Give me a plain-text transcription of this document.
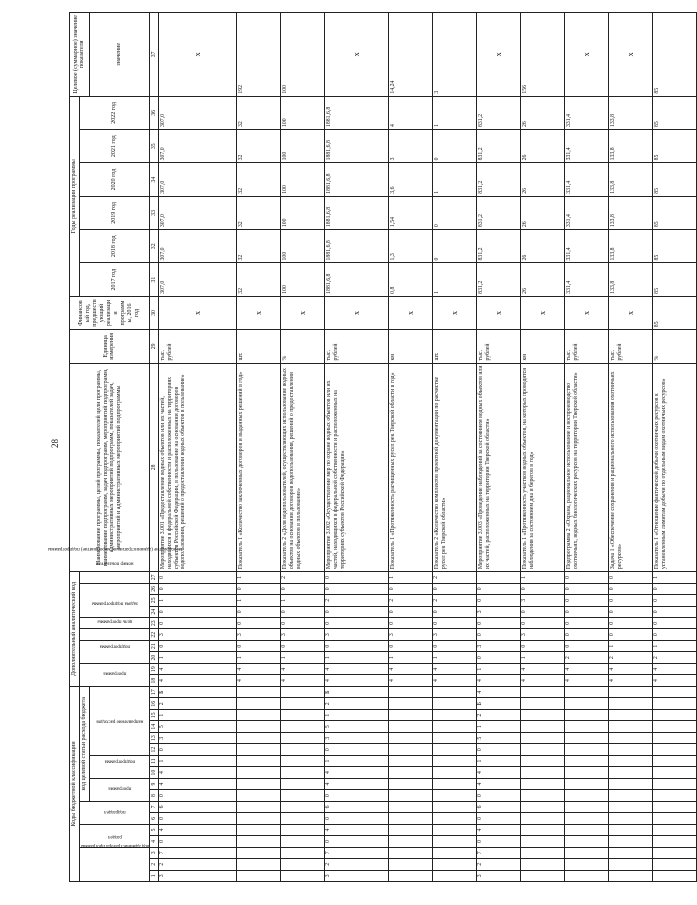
28
Коды бюджетной классификации																	Дополнительный аналитический код										Наименование программы, целей программы, показателей цели программы, наименование подпрограмм, задач подпрограмм, мероприятий подпрограмм, административных мероприятий подпрограмм, показателей задач, мероприятий и административных мероприятий подпрограммы	Единица измерения	Финансовый год, предшествующий реализации программы, 2016 год	Годы реализации программы						Целевое (суммарное) значение показателя
код администратора программы			раздел		подраздел		код целевой статьи расхода бюджета										программа		подпрограмма		цель программы	задача подпрограммы	мероприятие (административное мероприятие) подпрограммы			номер показателя				2017 год	2018 год	2019 год	2020 год	2021 год	2022 год	
							программа		подпрограмма		направление расходов																									значение
1	2	3	4	5	6	7	8	9	10	11	12	13	14	15	16	17	18	19	20	21	22	23	24	25	26	27	28	29	30	31	32	33	34	35	36	37
3	2	7	0	4	0	6	0	4	4	1	0	3	5	1	2	Б	4	4	1	0	3	0	0	1	0	0	Мероприятие 3.001 «Предоставление водных объектов или их частей, находящихся в федеральной собственности и расположенных на территориях субъектов Российской Федерации, в пользование на основании договоров водопользования, решений о предоставлении водных объектов в пользование»	тыс. рублей	x	307,0	307,0	307,0	307,0	307,0	307,0	x
																	4	4	1	0	3	0	0	1	0	1	Показатель 1 «Количество заключенных договоров и выданных решений в год»	шт.	x	32	32	32	32	32	32	192
																	4	4	1	0	3	0	0	1	0	2	Показатель 2 «Доля водопользователей, осуществляющих использование водных объектов на основании договоров водопользования, решений о предоставлении водных объектов в пользование»	%	x	100	100	100	100	100	100	100
3	2	7	0	4	0	6	0	4	4	1	0	3	5	1	2	Б	4	4	1	0	3	0	0	2	0	0	Мероприятие 3.002 «Осуществление мер по охране водных объектов или их частей, находящихся в федеральной собственности и расположенных на территориях субъектов Российской Федерации»	тыс. рублей	x	1881,6,8	1881,6,8	1881,6,8	1881,6,8	1881,6,8	1881,6,8	x
																	4	4	1	0	3	0	0	2	0	1	Показатель 1 «Протяженность расчищенных русел рек Тверской области в год»	км	x	0,8	1,3	1,54	3,6	3	4	14,24
																	4	4	1	0	3	0	0	2	0	2	Показатель 2 «Количество комплектов проектной документации по расчистке русел рек Тверской области»	шт.	x	1	0	0	1	0	1	3
3	2	7	0	4	0	6	0	4	4	1	0	5	1	2	Б	4	4	1	0	3	0	0	3	0	0		Мероприятие 3.003 «Проведение наблюдений за состоянием водных объектов или их частей, расположенных на территории Тверской области»	тыс. рублей	x	831,2	831,2	831,2	831,2	831,2	831,2	x
																	4	4	1	0	3	0	0	3	0	1	Показатель 1 «Протяженность участков водных объектов, на которых проводятся наблюдения за состоянием дна и берегов в год»	км	x	26	26	26	26	26	26	156
																	4	4	2	0	0	0	0	0	0	0	Подпрограмма 2 «Охрана, рациональное использование и воспроизводство охотничьих, водных биологических ресурсов на территории Тверской области»	тыс. рублей	x	331,4	331,4	331,4	331,4	331,4	331,4	x
																	4	4	2	1	0	0	0	0	0	0	Задача 1 «Обеспечение сохранения и рационального использования охотничьих ресурсов»	тыс. рублей	x	133,8	133,8	133,8	133,8	133,8	133,8	x
																	4	4	2	1	0	0	0	0	0	1	Показатель 1 «Отношение фактической добычи охотничьих ресурсов к установленным лимитам добычи по отдельным видам охотничьих ресурсов»	%	85	85	85	85	85	85	85	85
